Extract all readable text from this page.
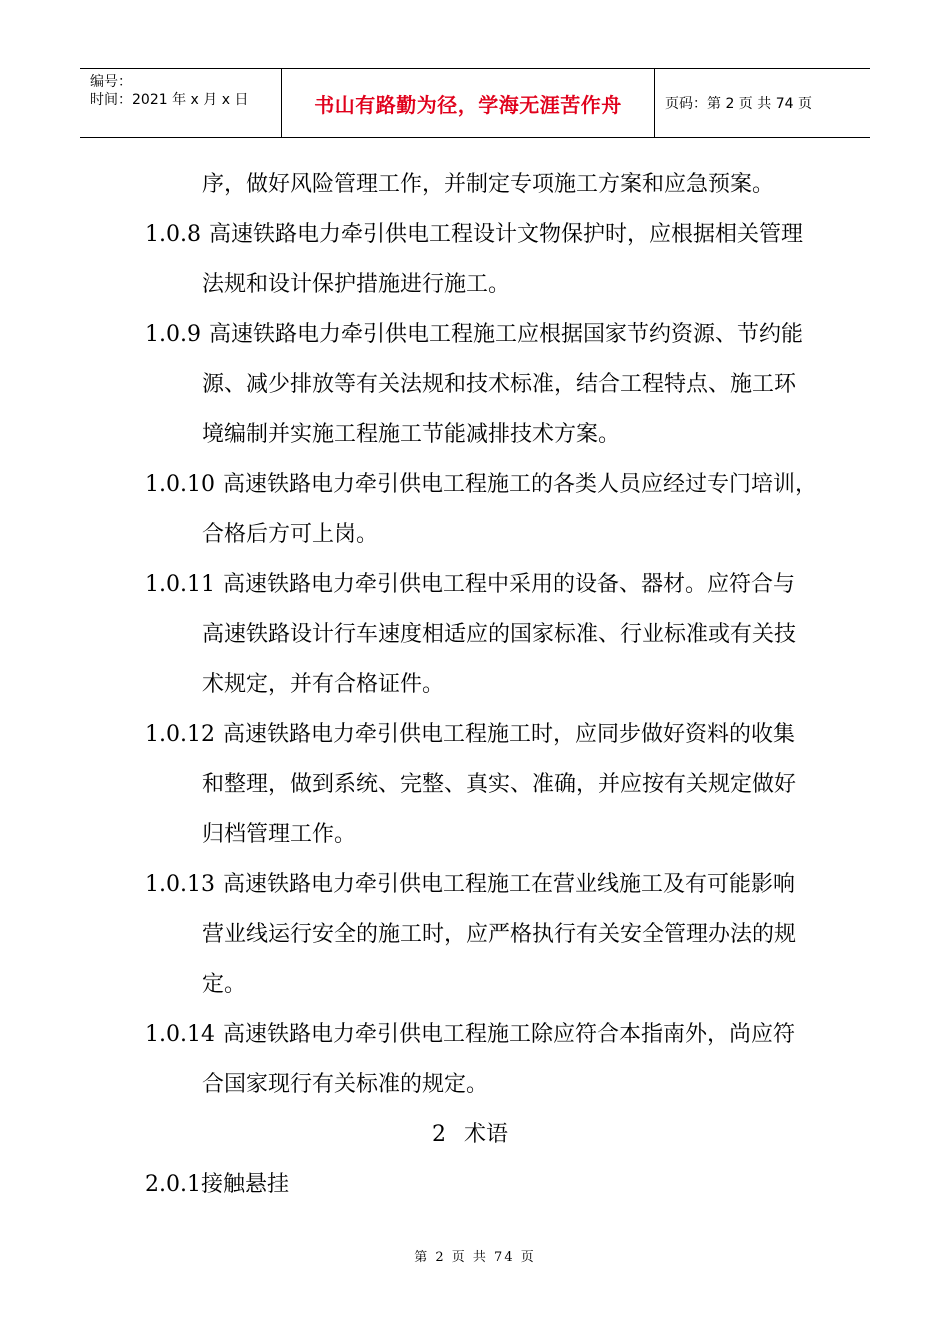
编号：
时间：2021 年 x 月 x 日	书山有路勤为径，学海无涯苦作舟	页码：第 2 页 共 74 页
序，做好风险管理工作，并制定专项施工方案和应急预案。
1.0.8 高速铁路电力牵引供电工程设计文物保护时，应根据相关管理
法规和设计保护措施进行施工。
1.0.9 高速铁路电力牵引供电工程施工应根据国家节约资源、节约能
源、减少排放等有关法规和技术标准，结合工程特点、施工环
境编制并实施工程施工节能减排技术方案。
1.0.10 高速铁路电力牵引供电工程施工的各类人员应经过专门培训，
合格后方可上岗。
1.0.11 高速铁路电力牵引供电工程中采用的设备、器材。应符合与
高速铁路设计行车速度相适应的国家标准、行业标准或有关技
术规定，并有合格证件。
1.0.12 高速铁路电力牵引供电工程施工时，应同步做好资料的收集
和整理，做到系统、完整、真实、准确，并应按有关规定做好
归档管理工作。
1.0.13 高速铁路电力牵引供电工程施工在营业线施工及有可能影响
营业线运行安全的施工时，应严格执行有关安全管理办法的规
定。
1.0.14 高速铁路电力牵引供电工程施工除应符合本指南外，尚应符
合国家现行有关标准的规定。
2 术语
2.0.1接触悬挂
第 2 页 共 74 页
